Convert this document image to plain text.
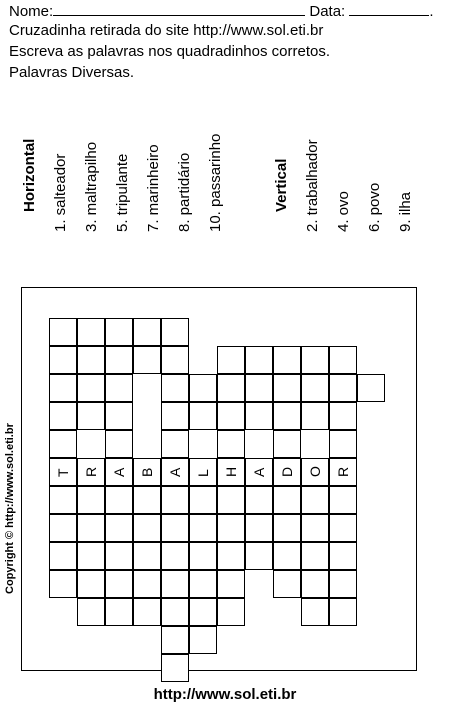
Nome:	Data:	.
Cruzadinha retirada do site http://www.sol.eti.br
Escreva as palavras nos quadradinhos corretos.
Palavras Diversas.
Horizontal 1. salteador 3. maltrapilho 5. tripulante 7. marinheiro 8. partidário 10. passarinho	Vertical 2. trabalhador 4. ovo 6. povo 9. ilha
Copyright © http://www.sol.eti.br	T R A B A L H A D O R
http://www.sol.eti.br
